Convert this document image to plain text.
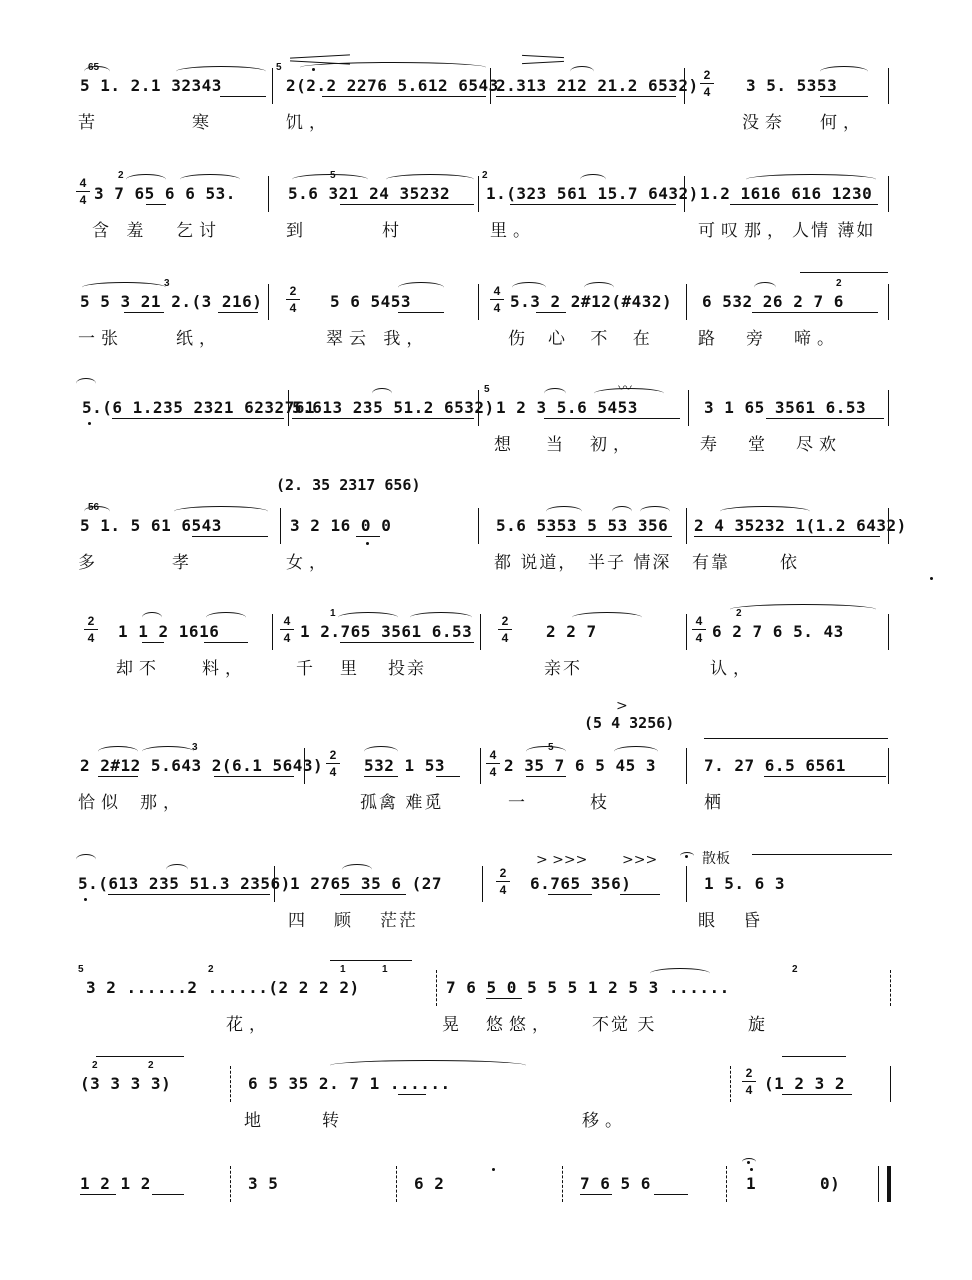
65
5 1. 2.1 32343
5
2(2.2 2276 5.612 6543
2.313 212 21.2 6532)
2
4 3 5. 5353
苦	寒	饥，	没奈 何，
4
4
2
3 7 65 6 6 53.
5
5.6 321 24 35232
2
1.(323 561 15.7 6432) 1.2 1616 616 1230
含 羞 乞讨	到	村	里。	可叹那， 人情 薄如
3
5 5 3 21 2.(3 216)
2
4 5 6 5453
4
4 5.3 2 2#12(#432)
2
6 532 26 2 7 6
一张	纸，	翠云 我，	伤 心 不 在 路 旁 啼。
5.(6 1.235 2321 6232761
5.613 235 51.2 6532)
5	〰
1 2 3 5.6 5453	3 1 65 3561 6.53
想 当 初，	寿 堂 尽欢
(2. 35 2317 656)
56
5 1. 5 61 6543	3 2 16 0 0	5.6 5353 5 53 356 2 4 35232 1(1.2 6432)
多	孝	女，	都 说道， 半子 情深 有靠	依
2
4 1 1 2 1616
4
4
1
1 2.765 3561 6.53
2
4 2 2 7
4
4
2
6 2 7 6 5. 43
却不 料，	千 里 投亲	亲不	认，
(5 4 3256)
>
3
2 2#12 5.643 2(6.1 5643)
2
4 532 1 53
4
4
5
2 35 7 6 5 45 3	7. 27 6.5 6561
恰似 那，	孤禽 难觅	一	枝	栖
> >>> >>>	散板
5.(613 235 51.3 2356) 1 2765 35 6 (27
2
4 6.765 356)	1 5. 6 3
四 顾 茫茫	眼昏
5	2	1	1
3 2 ......2 ......(2 2 2 2)
2
7 6 5 0 5 5 5 1 2 5 3 ......
花，	晃 悠悠， 不觉 天	旋
2	2
(3 3 3 3)	6 5 35 2. 7 1 ......
2
4 (1 2 3 2
地	转	移。
1 2 1 2	3 5	6 2	7 6 5 6	1	0)
